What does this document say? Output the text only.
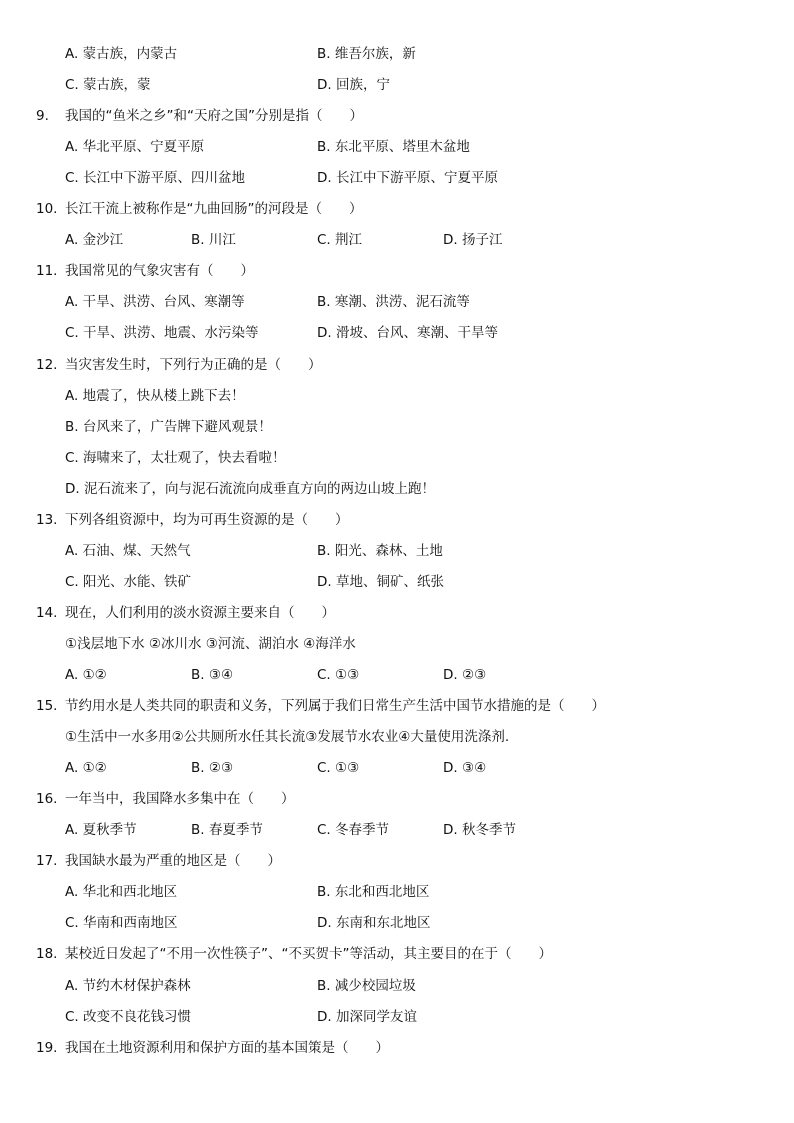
A. 蒙古族，内蒙古	B. 维吾尔族，新
C. 蒙古族，蒙	D. 回族，宁
9. 我国的“鱼米之乡”和“天府之国”分别是指（　　）
A. 华北平原、宁夏平原	B. 东北平原、塔里木盆地
C. 长江中下游平原、四川盆地	D. 长江中下游平原、宁夏平原
10. 长江干流上被称作是“九曲回肠”的河段是（　　）
A. 金沙江	B. 川江	C. 荆江	D. 扬子江
11. 我国常见的气象灾害有（　　）
A. 干旱、洪涝、台风、寒潮等	B. 寒潮、洪涝、泥石流等
C. 干旱、洪涝、地震、水污染等	D. 滑坡、台风、寒潮、干旱等
12. 当灾害发生时，下列行为正确的是（　　）
A. 地震了，快从楼上跳下去！
B. 台风来了，广告牌下避风观景！
C. 海啸来了，太壮观了，快去看啦！
D. 泥石流来了，向与泥石流流向成垂直方向的两边山坡上跑！
13. 下列各组资源中，均为可再生资源的是（　　）
A. 石油、煤、天然气	B. 阳光、森林、土地
C. 阳光、水能、铁矿	D. 草地、铜矿、纸张
14. 现在，人们利用的淡水资源主要来自（　　）
①浅层地下水 ②冰川水 ③河流、湖泊水 ④海洋水
A. ①②	B. ③④	C. ①③	D. ②③
15. 节约用水是人类共同的职责和义务，下列属于我们日常生产生活中国节水措施的是（　　）
①生活中一水多用②公共厕所水任其长流③发展节水农业④大量使用洗涤剂.
A. ①②	B. ②③	C. ①③	D. ③④
16. 一年当中，我国降水多集中在（　　）
A. 夏秋季节	B. 春夏季节	C. 冬春季节	D. 秋冬季节
17. 我国缺水最为严重的地区是（　　）
A. 华北和西北地区	B. 东北和西北地区
C. 华南和西南地区	D. 东南和东北地区
18. 某校近日发起了“不用一次性筷子”、“不买贺卡”等活动，其主要目的在于（　　）
A. 节约木材保护森林	B. 减少校园垃圾
C. 改变不良花钱习惯	D. 加深同学友谊
19. 我国在土地资源利用和保护方面的基本国策是（　　）
